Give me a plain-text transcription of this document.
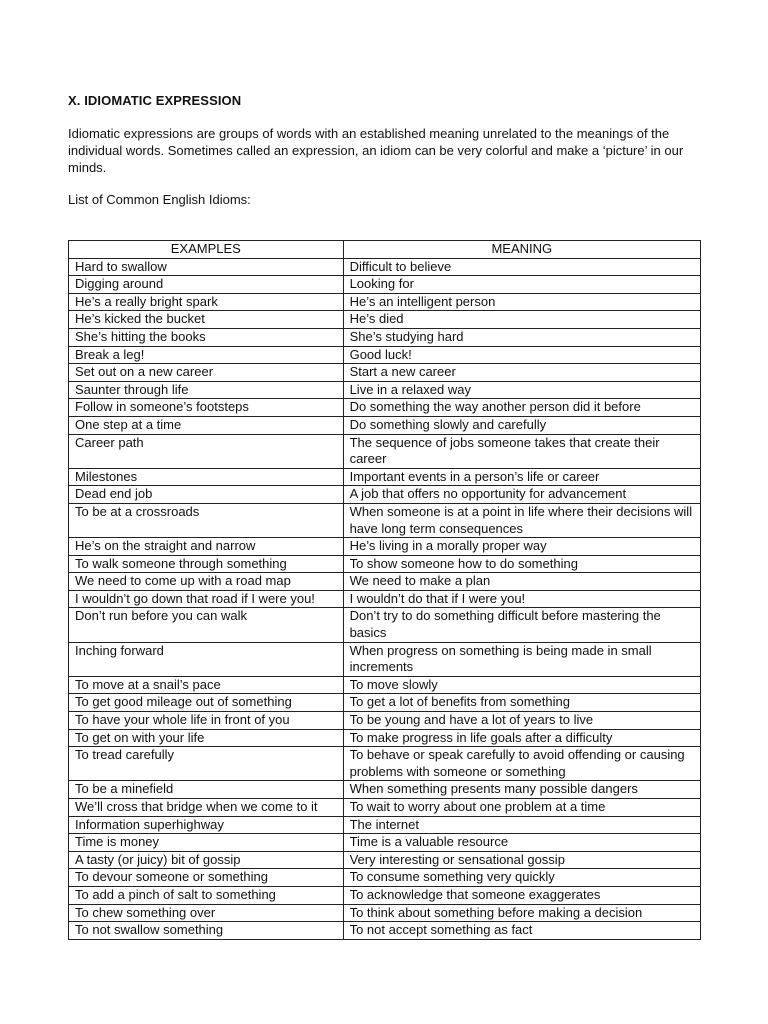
X. IDIOMATIC EXPRESSION

Idiomatic expressions are groups of words with an established meaning unrelated to the meanings of the individual words. Sometimes called an expression, an idiom can be very colorful and make a ‘picture’ in our minds.

List of Common English Idioms:
EXAMPLES	MEANING
Hard to swallow	Difficult to believe
Digging around	Looking for
He’s a really bright spark	He’s an intelligent person
He’s kicked the bucket	He’s died
She’s hitting the books	She’s studying hard
Break a leg!	Good luck!
Set out on a new career	Start a new career
Saunter through life	Live in a relaxed way
Follow in someone’s footsteps	Do something the way another person did it before
One step at a time	Do something slowly and carefully
Career path	The sequence of jobs someone takes that create their career
Milestones	Important events in a person’s life or career
Dead end job	A job that offers no opportunity for advancement
To be at a crossroads	When someone is at a point in life where their decisions will have long term consequences
He’s on the straight and narrow	He’s living in a morally proper way
To walk someone through something	To show someone how to do something
We need to come up with a road map	We need to make a plan
I wouldn’t go down that road if I were you!	I wouldn’t do that if I were you!
Don’t run before you can walk	Don’t try to do something difficult before mastering the basics
Inching forward	When progress on something is being made in small increments
To move at a snail’s pace	To move slowly
To get good mileage out of something	To get a lot of benefits from something
To have your whole life in front of you	To be young and have a lot of years to live
To get on with your life	To make progress in life goals after a difficulty
To tread carefully	To behave or speak carefully to avoid offending or causing problems with someone or something
To be a minefield	When something presents many possible dangers
We’ll cross that bridge when we come to it	To wait to worry about one problem at a time
Information superhighway	The internet
Time is money	Time is a valuable resource
A tasty (or juicy) bit of gossip	Very interesting or sensational gossip
To devour someone or something	To consume something very quickly
To add a pinch of salt to something	To acknowledge that someone exaggerates
To chew something over	To think about something before making a decision
To not swallow something	To not accept something as fact
